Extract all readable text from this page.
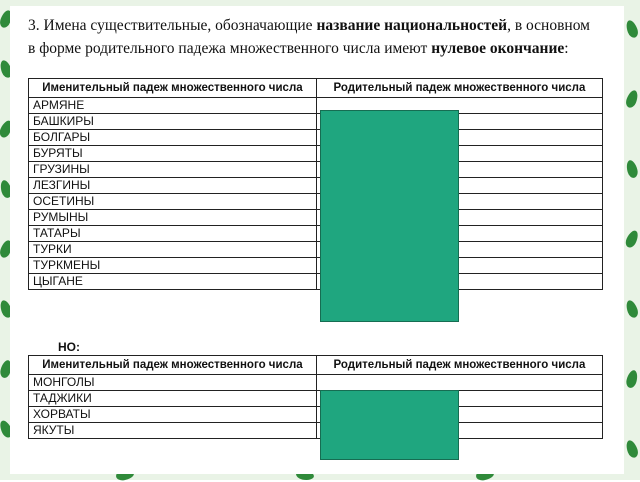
3. Имена существительные, обозначающие название национальностей, в основном в форме родительного падежа множественного числа имеют нулевое окончание:
Именительный падеж множественного числа	Родительный падеж множественного числа
АРМЯНЕ	
БАШКИРЫ	
БОЛГАРЫ	
БУРЯТЫ	
ГРУЗИНЫ	
ЛЕЗГИНЫ	
ОСЕТИНЫ	
РУМЫНЫ	
ТАТАРЫ	
ТУРКИ	
ТУРКМЕНЫ	
ЦЫГАНЕ	
НО:
Именительный падеж множественного числа	Родительный падеж множественного числа
МОНГОЛЫ	
ТАДЖИКИ	
ХОРВАТЫ	
ЯКУТЫ	
